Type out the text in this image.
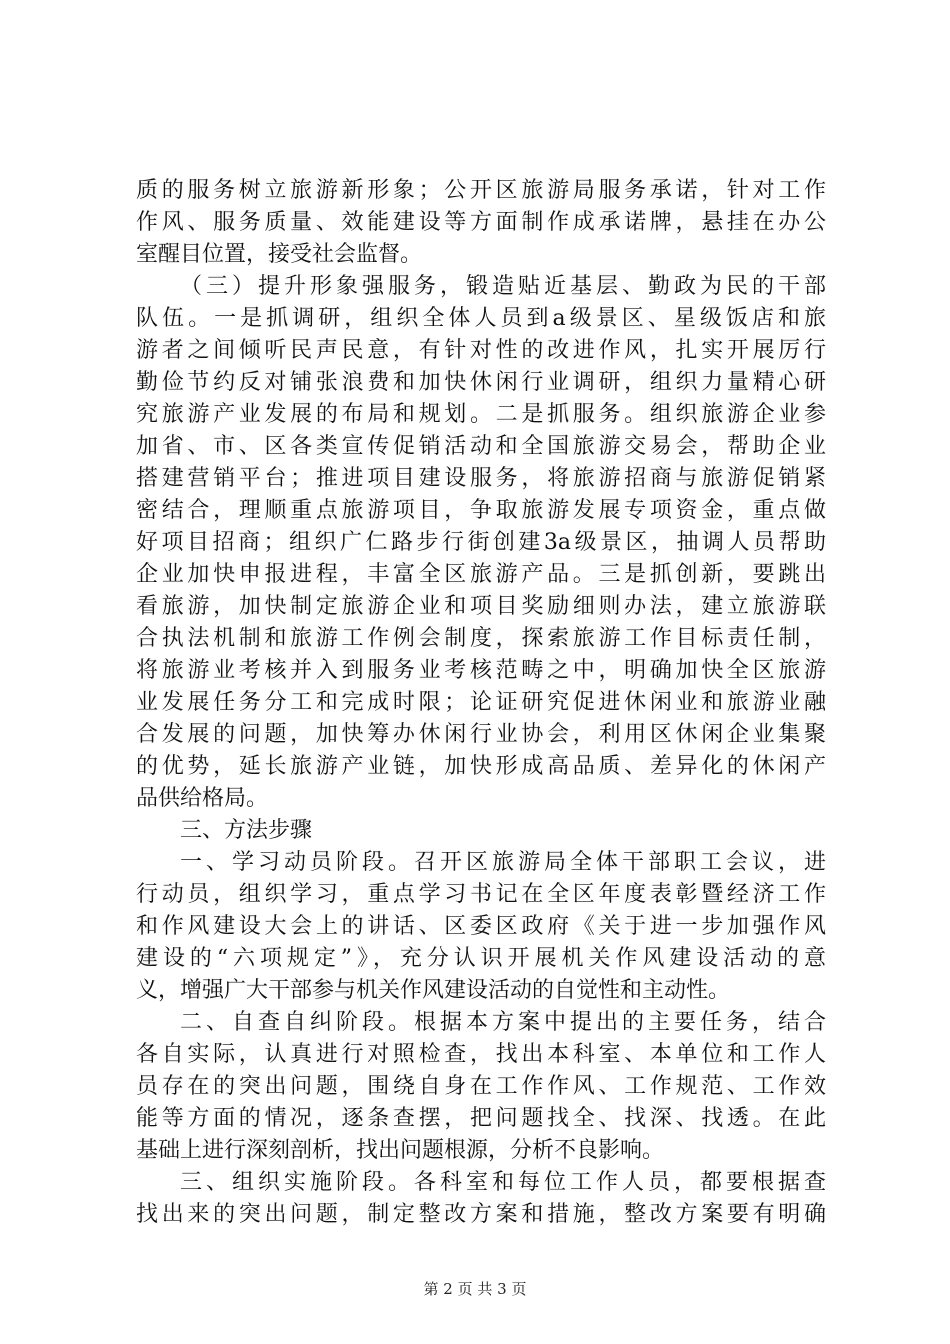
质的服务树立旅游新形象；公开区旅游局服务承诺，针对工作
作风、服务质量、效能建设等方面制作成承诺牌，悬挂在办公
室醒目位置，接受社会监督。
（三）提升形象强服务，锻造贴近基层、勤政为民的干部
队伍。一是抓调研，组织全体人员到a级景区、星级饭店和旅
游者之间倾听民声民意，有针对性的改进作风，扎实开展厉行
勤俭节约反对铺张浪费和加快休闲行业调研，组织力量精心研
究旅游产业发展的布局和规划。二是抓服务。组织旅游企业参
加省、市、区各类宣传促销活动和全国旅游交易会，帮助企业
搭建营销平台；推进项目建设服务，将旅游招商与旅游促销紧
密结合，理顺重点旅游项目，争取旅游发展专项资金，重点做
好项目招商；组织广仁路步行街创建3a级景区，抽调人员帮助
企业加快申报进程，丰富全区旅游产品。三是抓创新，要跳出
看旅游，加快制定旅游企业和项目奖励细则办法，建立旅游联
合执法机制和旅游工作例会制度，探索旅游工作目标责任制，
将旅游业考核并入到服务业考核范畴之中，明确加快全区旅游
业发展任务分工和完成时限；论证研究促进休闲业和旅游业融
合发展的问题，加快筹办休闲行业协会，利用区休闲企业集聚
的优势，延长旅游产业链，加快形成高品质、差异化的休闲产
品供给格局。
三、方法步骤
一、学习动员阶段。召开区旅游局全体干部职工会议，进
行动员，组织学习，重点学习书记在全区年度表彰暨经济工作
和作风建设大会上的讲话、区委区政府《关于进一步加强作风
建设的“六项规定”》，充分认识开展机关作风建设活动的意
义，增强广大干部参与机关作风建设活动的自觉性和主动性。
二、自查自纠阶段。根据本方案中提出的主要任务，结合
各自实际，认真进行对照检查，找出本科室、本单位和工作人
员存在的突出问题，围绕自身在工作作风、工作规范、工作效
能等方面的情况，逐条查摆，把问题找全、找深、找透。在此
基础上进行深刻剖析，找出问题根源，分析不良影响。
三、组织实施阶段。各科室和每位工作人员，都要根据查
找出来的突出问题，制定整改方案和措施，整改方案要有明确
第 2 页 共 3 页
